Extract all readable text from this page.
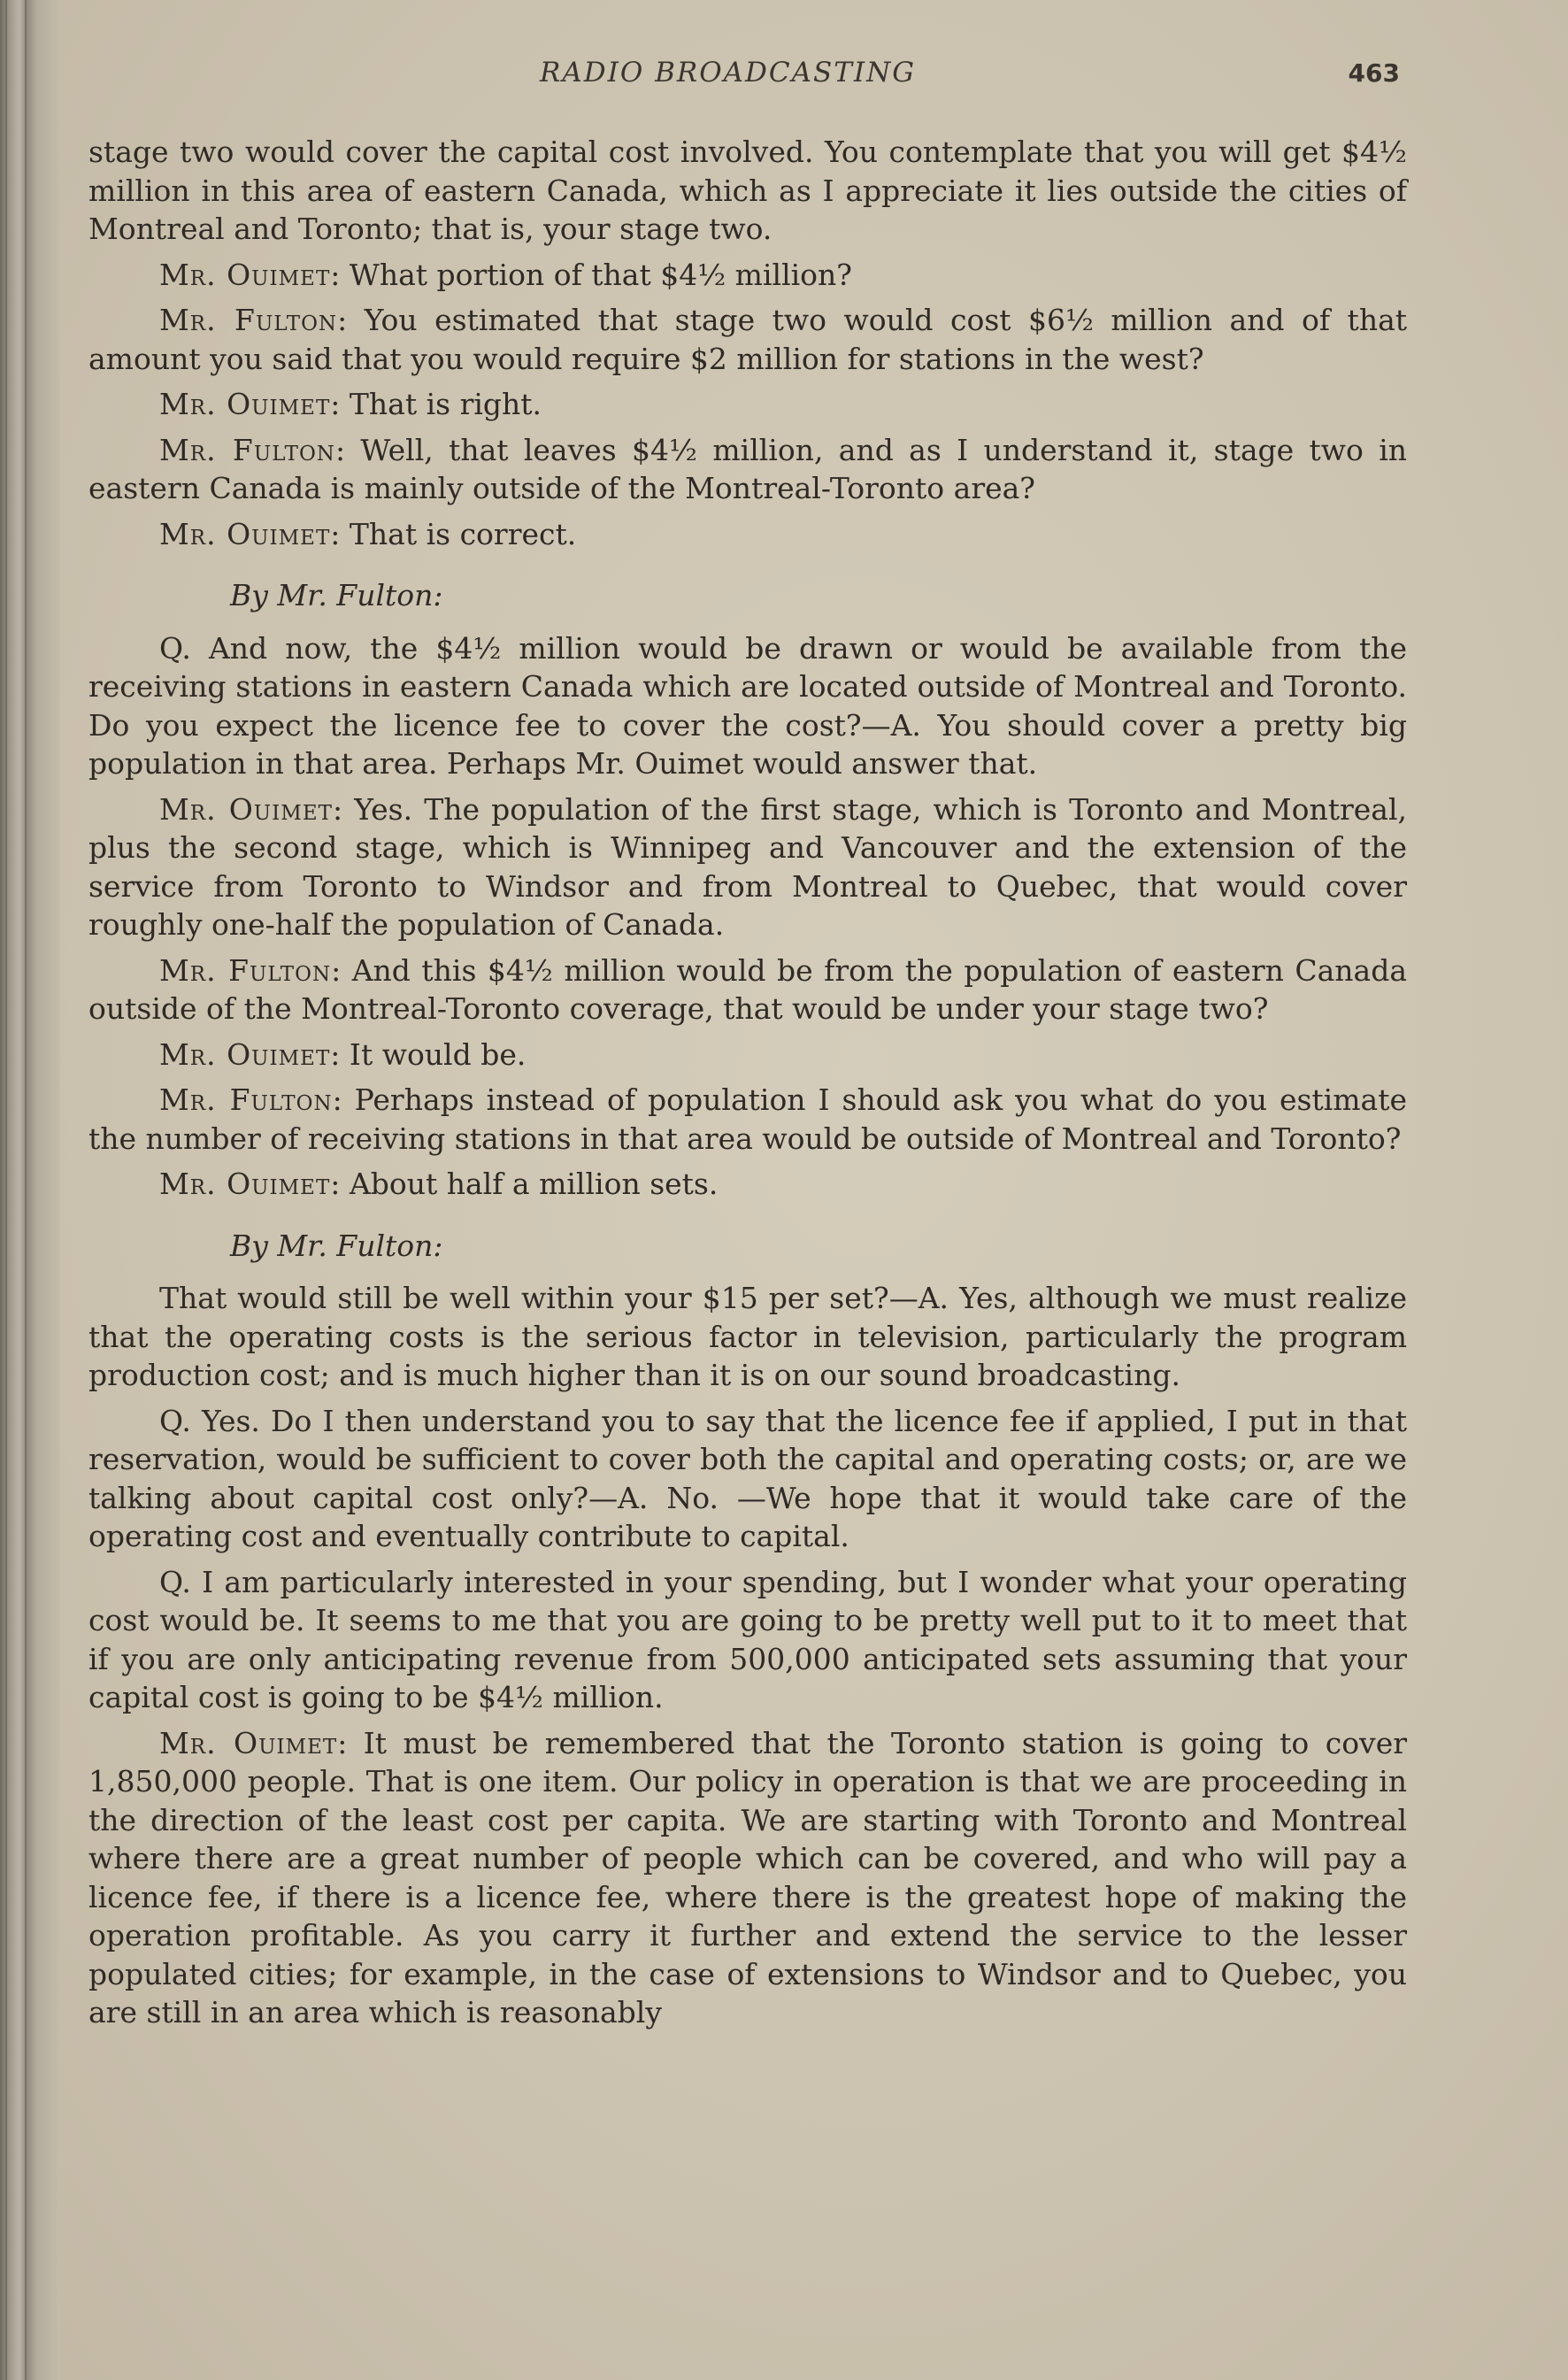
RADIO BROADCASTING	463

stage two would cover the capital cost involved. You contemplate that you will get $4½ million in this area of eastern Canada, which as I appreciate it lies outside the cities of Montreal and Toronto; that is, your stage two.

Mr. Ouimet: What portion of that $4½ million?

Mr. Fulton: You estimated that stage two would cost $6½ million and of that amount you said that you would require $2 million for stations in the west?

Mr. Ouimet: That is right.

Mr. Fulton: Well, that leaves $4½ million, and as I understand it, stage two in eastern Canada is mainly outside of the Montreal-Toronto area?

Mr. Ouimet: That is correct.

By Mr. Fulton:

Q. And now, the $4½ million would be drawn or would be available from the receiving stations in eastern Canada which are located outside of Montreal and Toronto. Do you expect the licence fee to cover the cost?—A. You should cover a pretty big population in that area. Perhaps Mr. Ouimet would answer that.

Mr. Ouimet: Yes. The population of the first stage, which is Toronto and Montreal, plus the second stage, which is Winnipeg and Vancouver and the extension of the service from Toronto to Windsor and from Montreal to Quebec, that would cover roughly one-half the population of Canada.

Mr. Fulton: And this $4½ million would be from the population of eastern Canada outside of the Montreal-Toronto coverage, that would be under your stage two?

Mr. Ouimet: It would be.

Mr. Fulton: Perhaps instead of population I should ask you what do you estimate the number of receiving stations in that area would be outside of Montreal and Toronto?

Mr. Ouimet: About half a million sets.

By Mr. Fulton:

That would still be well within your $15 per set?—A. Yes, although we must realize that the operating costs is the serious factor in television, particularly the program production cost; and is much higher than it is on our sound broadcasting.

Q. Yes. Do I then understand you to say that the licence fee if applied, I put in that reservation, would be sufficient to cover both the capital and operating costs; or, are we talking about capital cost only?—A. No. —We hope that it would take care of the operating cost and eventually contribute to capital.

Q. I am particularly interested in your spending, but I wonder what your operating cost would be. It seems to me that you are going to be pretty well put to it to meet that if you are only anticipating revenue from 500,000 anticipated sets assuming that your capital cost is going to be $4½ million.

Mr. Ouimet: It must be remembered that the Toronto station is going to cover 1,850,000 people. That is one item. Our policy in operation is that we are proceeding in the direction of the least cost per capita. We are starting with Toronto and Montreal where there are a great number of people which can be covered, and who will pay a licence fee, if there is a licence fee, where there is the greatest hope of making the operation profitable. As you carry it further and extend the service to the lesser populated cities; for example, in the case of extensions to Windsor and to Quebec, you are still in an area which is reasonably
